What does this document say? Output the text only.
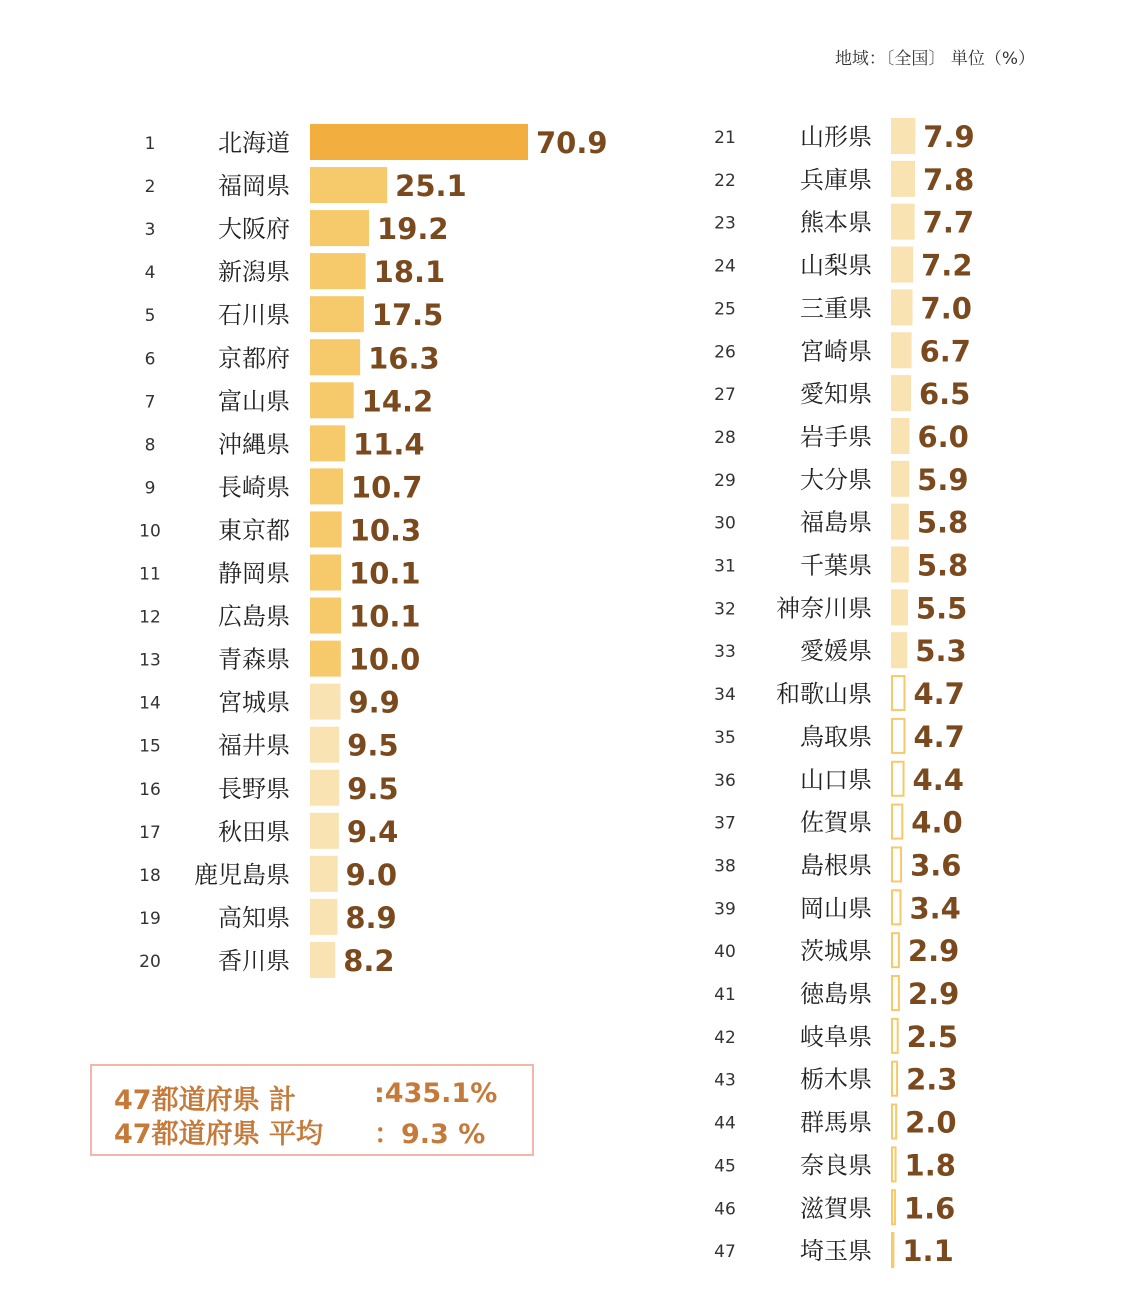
地域：〔全国〕 単位（%）
1	北海道	70.9
2	福岡県	25.1
3	大阪府	19.2
4	新潟県	18.1
5	石川県	17.5
6	京都府	16.3
7	富山県 14.2
8	沖縄県 11.4
9	長崎県 10.7
10 東京都 10.3
11 静岡県 10.1
12 広島県 10.1
13 青森県 10.0
14 宮城県 9.9
15 福井県 9.5
16 長野県 9.5
17 秋田県 9.4
18 鹿児島県 9.0
19 高知県 8.9
20 香川県 8.2
21	山形県 7.9
22	兵庫県 7.8
23	熊本県 7.7
24	山梨県 7.2
25	三重県 7.0
26	宮崎県 6.7
27	愛知県 6.5
28	岩手県 6.0
29	大分県 5.9
30	福島県 5.8
31	千葉県 5.8
32 神奈川県 5.5
33	愛媛県 5.3
34 和歌山県 4.7
35	鳥取県 4.7
36	山口県 4.4
37	佐賀県 4.0
38	島根県 3.6
39	岡山県 3.4
40	茨城県 2.9
41	徳島県 2.9
42	岐阜県 2.5
43	栃木県 2.3
44	群馬県 2.0
45	奈良県 1.8
46	滋賀県 1.6
47	埼玉県 1.1
47都道府県 計	:435.1%
47都道府県 平均 ：9.3 %
